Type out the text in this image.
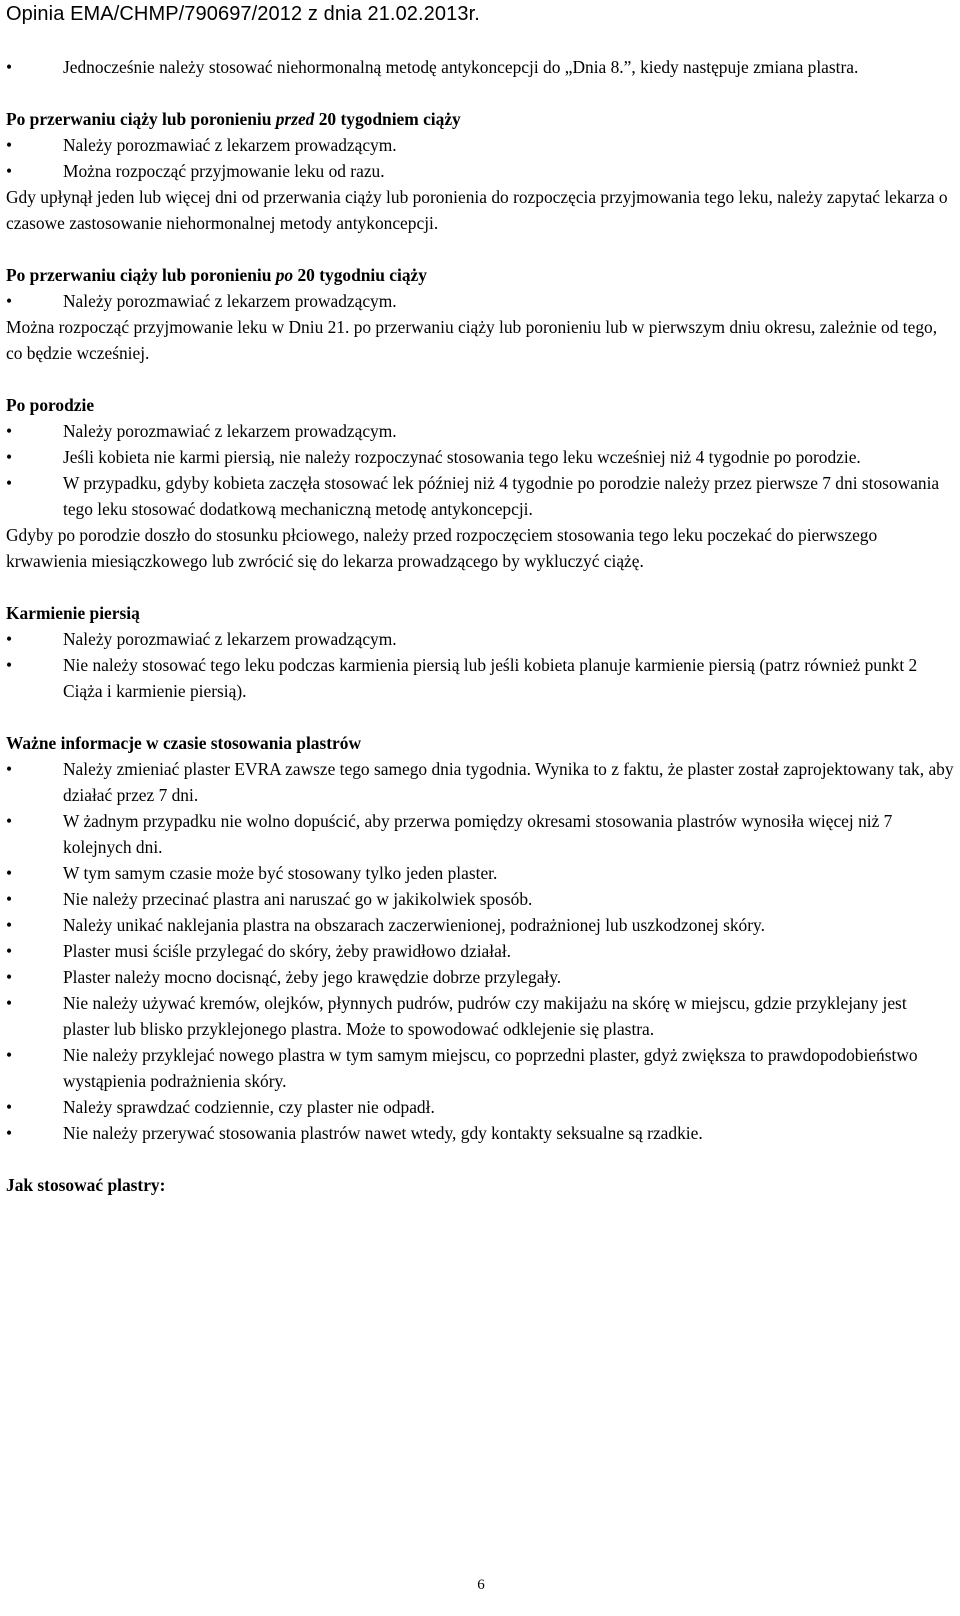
Opinia EMA/CHMP/790697/2012 z dnia 21.02.2013r.
• Jednocześnie należy stosować niehormonalną metodę antykoncepcji do „Dnia 8.”, kiedy następuje zmiana plastra.

Po przerwaniu ciąży lub poronieniu przed 20 tygodniem ciąży

• Należy porozmawiać z lekarzem prowadzącym.
• Można rozpocząć przyjmowanie leku od razu.

Gdy upłynął jeden lub więcej dni od przerwania ciąży lub poronienia do rozpoczęcia przyjmowania tego leku, należy zapytać lekarza o czasowe zastosowanie niehormonalnej metody antykoncepcji.

Po przerwaniu ciąży lub poronieniu po 20 tygodniu ciąży

• Należy porozmawiać z lekarzem prowadzącym.

Można rozpocząć przyjmowanie leku w Dniu 21. po przerwaniu ciąży lub poronieniu lub w pierwszym dniu okresu, zależnie od tego, co będzie wcześniej.

Po porodzie

• Należy porozmawiać z lekarzem prowadzącym.
• Jeśli kobieta nie karmi piersią, nie należy rozpoczynać stosowania tego leku wcześniej niż 4 tygodnie po porodzie.
• W przypadku, gdyby kobieta zaczęła stosować lek później niż 4 tygodnie po porodzie należy przez pierwsze 7 dni stosowania tego leku stosować dodatkową mechaniczną metodę antykoncepcji.

Gdyby po porodzie doszło do stosunku płciowego, należy przed rozpoczęciem stosowania tego leku poczekać do pierwszego krwawienia miesiączkowego lub zwrócić się do lekarza prowadzącego by wykluczyć ciążę.

Karmienie piersią

• Należy porozmawiać z lekarzem prowadzącym.
• Nie należy stosować tego leku podczas karmienia piersią lub jeśli kobieta planuje karmienie piersią (patrz również punkt 2 Ciąża i karmienie piersią).

Ważne informacje w czasie stosowania plastrów

• Należy zmieniać plaster EVRA zawsze tego samego dnia tygodnia. Wynika to z faktu, że plaster został zaprojektowany tak, aby działać przez 7 dni.
• W żadnym przypadku nie wolno dopuścić, aby przerwa pomiędzy okresami stosowania plastrów wynosiła więcej niż 7 kolejnych dni.
• W tym samym czasie może być stosowany tylko jeden plaster.
• Nie należy przecinać plastra ani naruszać go w jakikolwiek sposób.
• Należy unikać naklejania plastra na obszarach zaczerwienionej, podrażnionej lub uszkodzonej skóry.
• Plaster musi ściśle przylegać do skóry, żeby prawidłowo działał.
• Plaster należy mocno docisnąć, żeby jego krawędzie dobrze przylegały.
• Nie należy używać kremów, olejków, płynnych pudrów, pudrów czy makijażu na skórę w miejscu, gdzie przyklejany jest plaster lub blisko przyklejonego plastra. Może to spowodować odklejenie się plastra.
• Nie należy przyklejać nowego plastra w tym samym miejscu, co poprzedni plaster, gdyż zwiększa to prawdopodobieństwo wystąpienia podrażnienia skóry.
• Należy sprawdzać codziennie, czy plaster nie odpadł.
• Nie należy przerywać stosowania plastrów nawet wtedy, gdy kontakty seksualne są rzadkie.

Jak stosować plastry:

6
